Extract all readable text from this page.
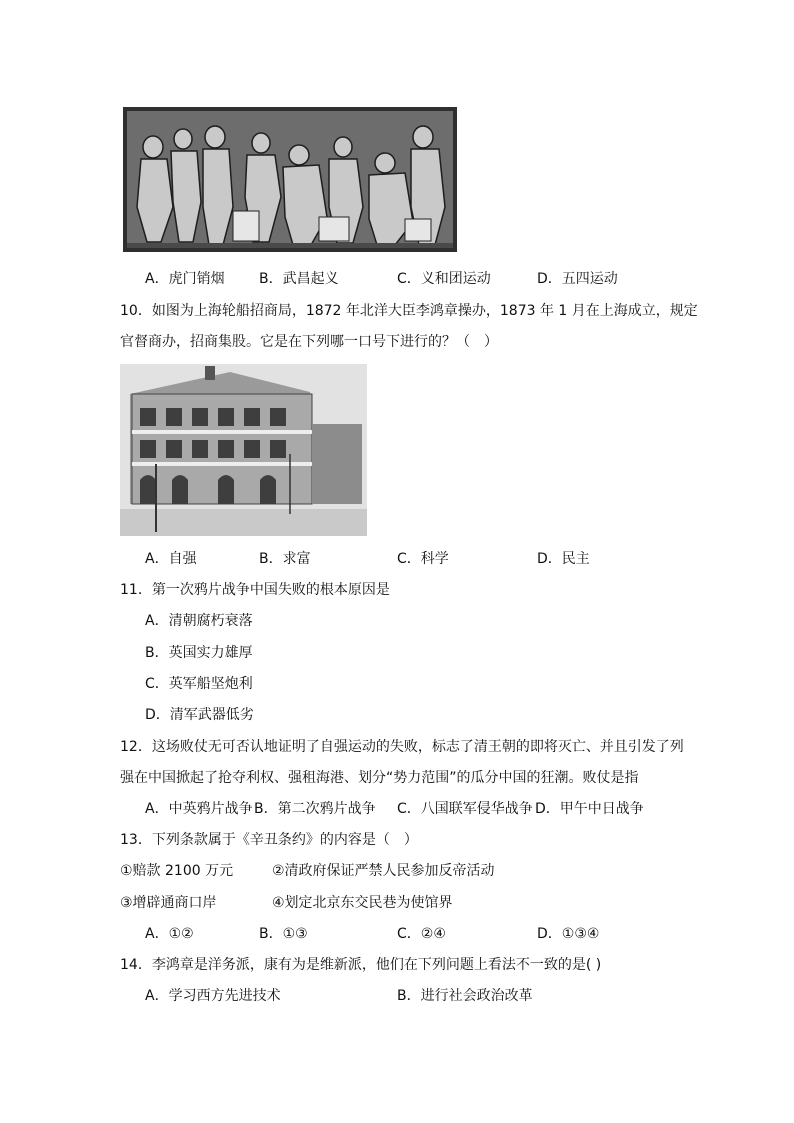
A．虎门销烟 B．武昌起义	C．义和团运动	D．五四运动
10．如图为上海轮船招商局，1872 年北洋大臣李鸿章操办，1873 年 1 月在上海成立，规定
官督商办，招商集股。它是在下列哪一口号下进行的？（　）
A．自强	B．求富	C．科学	D．民主
11．第一次鸦片战争中国失败的根本原因是
A．清朝腐朽衰落
B．英国实力雄厚
C．英军船坚炮利
D．清军武器低劣
12．这场败仗无可否认地证明了自强运动的失败，标志了清王朝的即将灭亡、并且引发了列
强在中国掀起了抢夺利权、强租海港、划分“势力范围”的瓜分中国的狂潮。败仗是指
A．中英鸦片战争 B．第二次鸦片战争 C．八国联军侵华战争 D．甲午中日战争
13．下列条款属于《辛丑条约》的内容是（　）
①赔款 2100 万元	②清政府保证严禁人民参加反帝活动
③增辟通商口岸	④划定北京东交民巷为使馆界
A．①②	B．①③	C．②④	D．①③④
14．李鸿章是洋务派，康有为是维新派，他们在下列问题上看法不一致的是( )
A．学习西方先进技术	B．进行社会政治改革
